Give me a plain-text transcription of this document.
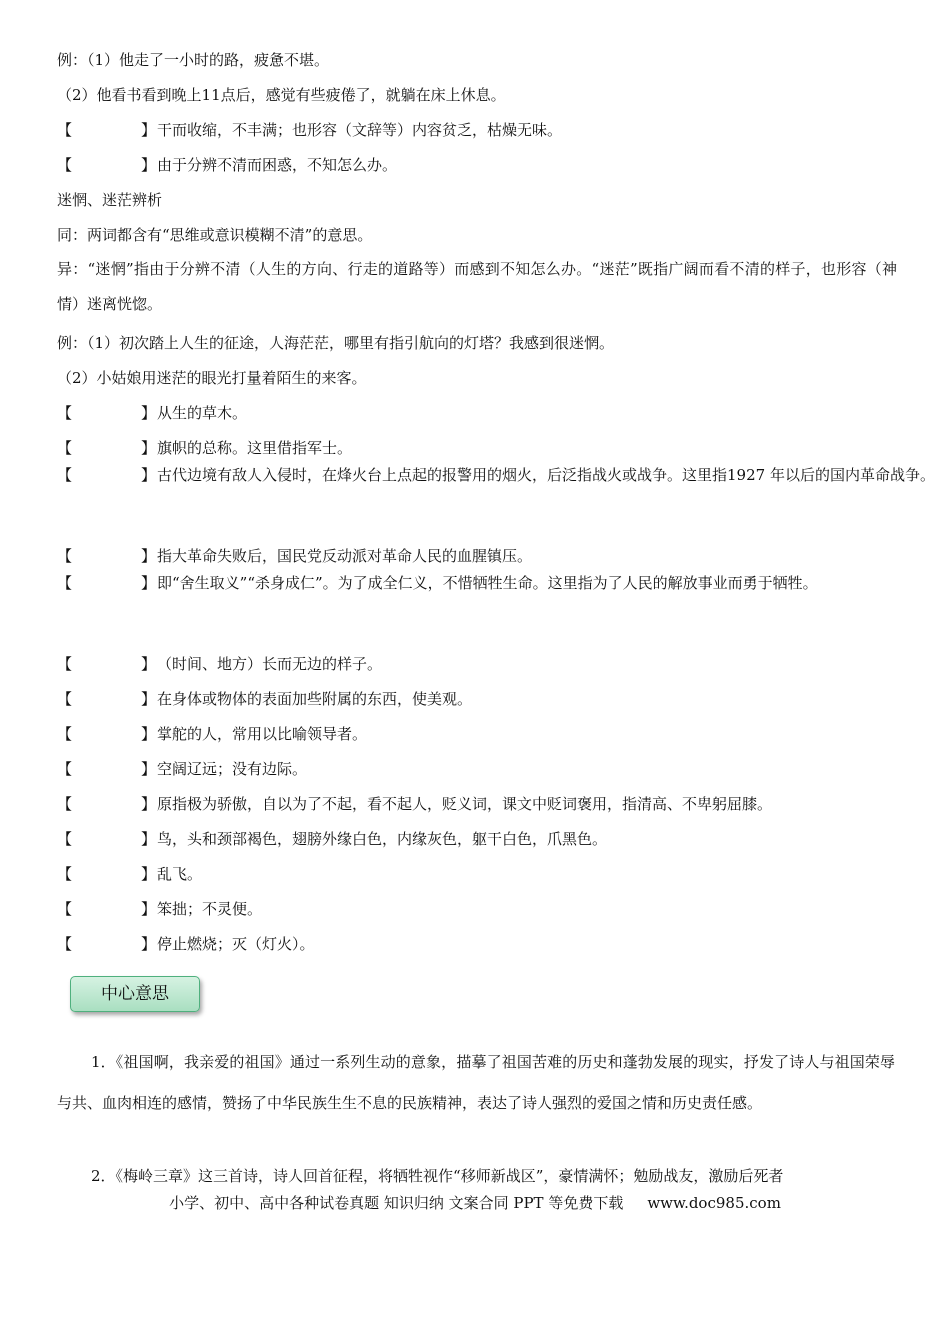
例：（1）他走了一小时的路，疲惫不堪。
（2）他看书看到晚上11点后，感觉有些疲倦了，就躺在床上休息。
【	】干而收缩，不丰满；也形容（文辞等）内容贫乏，枯燥无味。
【	】由于分辨不清而困惑，不知怎么办。
迷惘、迷茫辨析
同：两词都含有“思维或意识模糊不清”的意思。
异：“迷惘”指由于分辨不清（人生的方向、行走的道路等）而感到不知怎么办。“迷茫”既指广阔而看不清的样子，也形容（神情）迷离恍惚。
例：（1）初次踏上人生的征途，人海茫茫，哪里有指引航向的灯塔？我感到很迷惘。
（2）小姑娘用迷茫的眼光打量着陌生的来客。
【	】从生的草木。
【	】旗帜的总称。这里借指军士。
【	】古代边境有敌人入侵时，在烽火台上点起的报警用的烟火，后泛指战火或战争。这里指1927 年以后的国内革命战争。
【	】指大革命失败后，国民党反动派对革命人民的血腥镇压。
【	】即“舍生取义”“杀身成仁”。为了成全仁义，不惜牺牲生命。这里指为了人民的解放事业而勇于牺牲。
【	】（时间、地方）长而无边的样子。
【	】在身体或物体的表面加些附属的东西，使美观。
【	】掌舵的人，常用以比喻领导者。
【	】空阔辽远；没有边际。
【	】原指极为骄傲，自以为了不起，看不起人，贬义词，课文中贬词褒用，指清高、不卑躬屈膝。
【	】鸟，头和颈部褐色，翅膀外缘白色，内缘灰色，躯干白色，爪黑色。
【	】乱飞。
【	】笨拙；不灵便。
【	】停止燃烧；灭（灯火）。
中心意思
1．《祖国啊，我亲爱的祖国》通过一系列生动的意象，描摹了祖国苦难的历史和蓬勃发展的现实，抒发了诗人与祖国荣辱与共、血肉相连的感情，赞扬了中华民族生生不息的民族精神，表达了诗人强烈的爱国之情和历史责任感。
2．《梅岭三章》这三首诗，诗人回首征程，将牺牲视作“移师新战区”，豪情满怀；勉励战友，激励后死者
小学、初中、高中各种试卷真题 知识归纳 文案合同 PPT 等免费下载 www.doc985.com
